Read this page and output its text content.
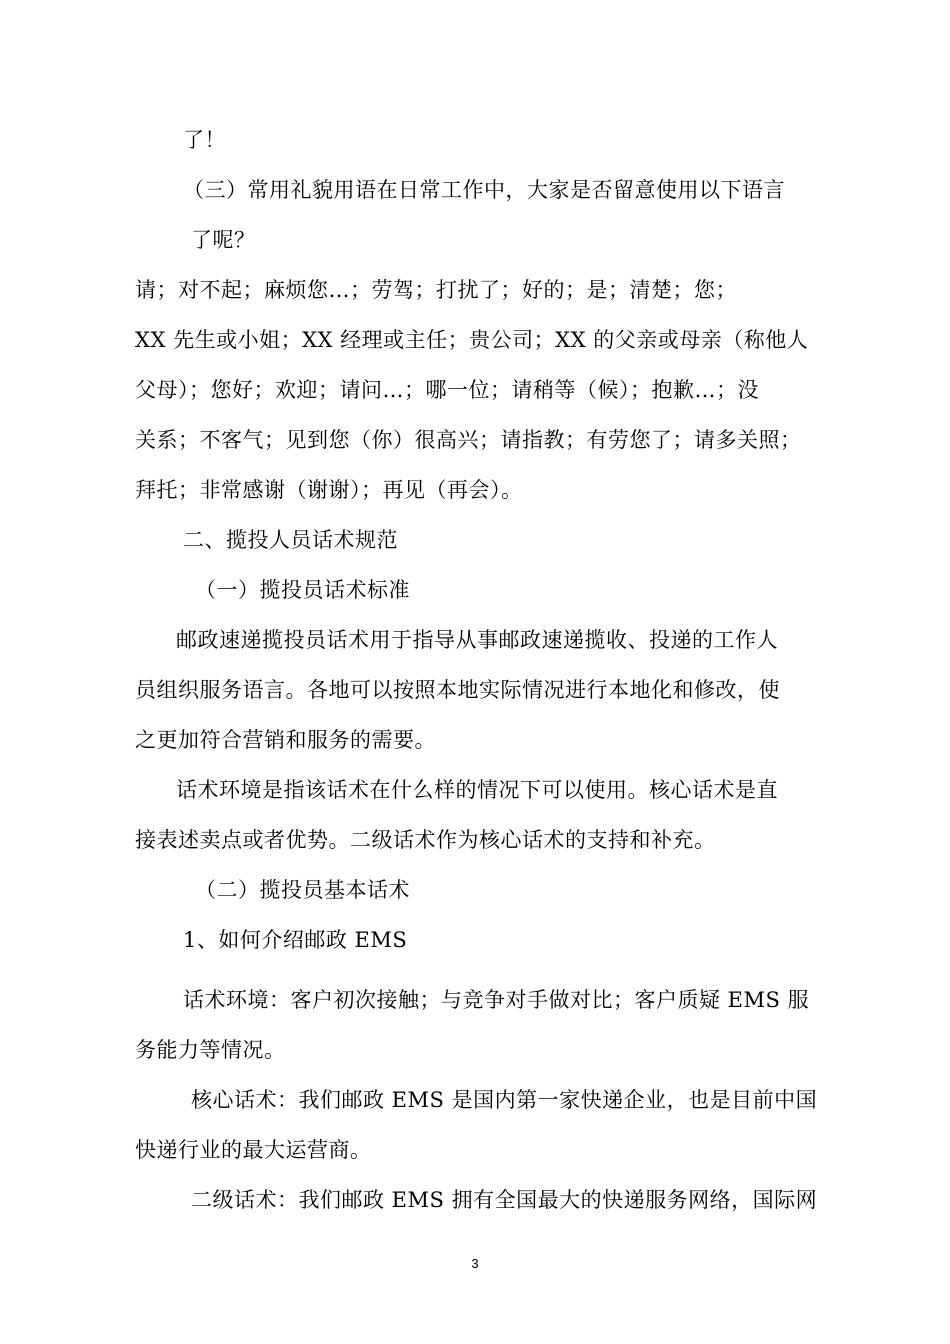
了！
（三）常用礼貌用语在日常工作中，大家是否留意使用以下语言
了呢？
请；对不起；麻烦您…；劳驾；打扰了；好的；是；清楚；您；
XX 先生或小姐；XX 经理或主任；贵公司；XX 的父亲或母亲（称他人
父母）；您好；欢迎；请问…；哪一位；请稍等（候）；抱歉…；没
关系；不客气；见到您（你）很高兴；请指教；有劳您了；请多关照；
拜托；非常感谢（谢谢）；再见（再会）。
二、揽投人员话术规范
（一）揽投员话术标准
邮政速递揽投员话术用于指导从事邮政速递揽收、投递的工作人
员组织服务语言。各地可以按照本地实际情况进行本地化和修改，使
之更加符合营销和服务的需要。
话术环境是指该话术在什么样的情况下可以使用。核心话术是直
接表述卖点或者优势。二级话术作为核心话术的支持和补充。
（二）揽投员基本话术
1、如何介绍邮政 EMS
话术环境：客户初次接触；与竞争对手做对比；客户质疑 EMS 服
务能力等情况。
核心话术：我们邮政 EMS 是国内第一家快递企业，也是目前中国
快递行业的最大运营商。
二级话术：我们邮政 EMS 拥有全国最大的快递服务网络，国际网
3
